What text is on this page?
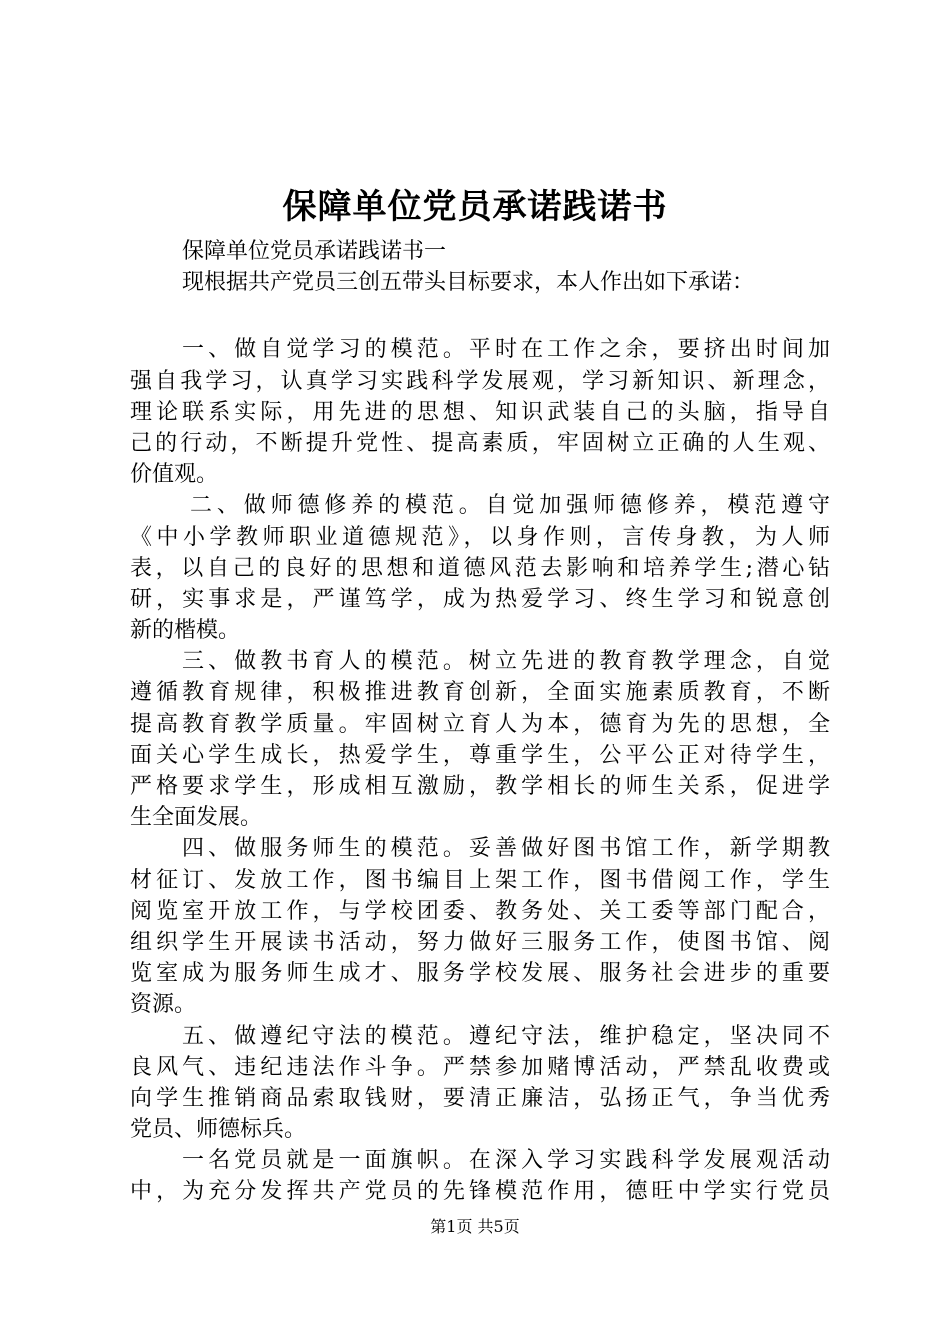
保障单位党员承诺践诺书
保障单位党员承诺践诺书一
现根据共产党员三创五带头目标要求，本人作出如下承诺：
一、做自觉学习的模范。平时在工作之余，要挤出时间加
强自我学习，认真学习实践科学发展观，学习新知识、新理念，
理论联系实际，用先进的思想、知识武装自己的头脑，指导自
己的行动，不断提升党性、提高素质，牢固树立正确的人生观、
价值观。
二、做师德修养的模范。自觉加强师德修养，模范遵守
《中小学教师职业道德规范》，以身作则，言传身教，为人师
表，以自己的良好的思想和道德风范去影响和培养学生;潜心钻
研，实事求是，严谨笃学，成为热爱学习、终生学习和锐意创
新的楷模。
三、做教书育人的模范。树立先进的教育教学理念，自觉
遵循教育规律，积极推进教育创新，全面实施素质教育，不断
提高教育教学质量。牢固树立育人为本，德育为先的思想，全
面关心学生成长，热爱学生，尊重学生，公平公正对待学生，
严格要求学生，形成相互激励，教学相长的师生关系，促进学
生全面发展。
四、做服务师生的模范。妥善做好图书馆工作，新学期教
材征订、发放工作，图书编目上架工作，图书借阅工作，学生
阅览室开放工作，与学校团委、教务处、关工委等部门配合，
组织学生开展读书活动，努力做好三服务工作，使图书馆、阅
览室成为服务师生成才、服务学校发展、服务社会进步的重要
资源。
五、做遵纪守法的模范。遵纪守法，维护稳定，坚决同不
良风气、违纪违法作斗争。严禁参加赌博活动，严禁乱收费或
向学生推销商品索取钱财，要清正廉洁，弘扬正气，争当优秀
党员、师德标兵。
一名党员就是一面旗帜。在深入学习实践科学发展观活动
中，为充分发挥共产党员的先锋模范作用，德旺中学实行党员
第1页 共5页
